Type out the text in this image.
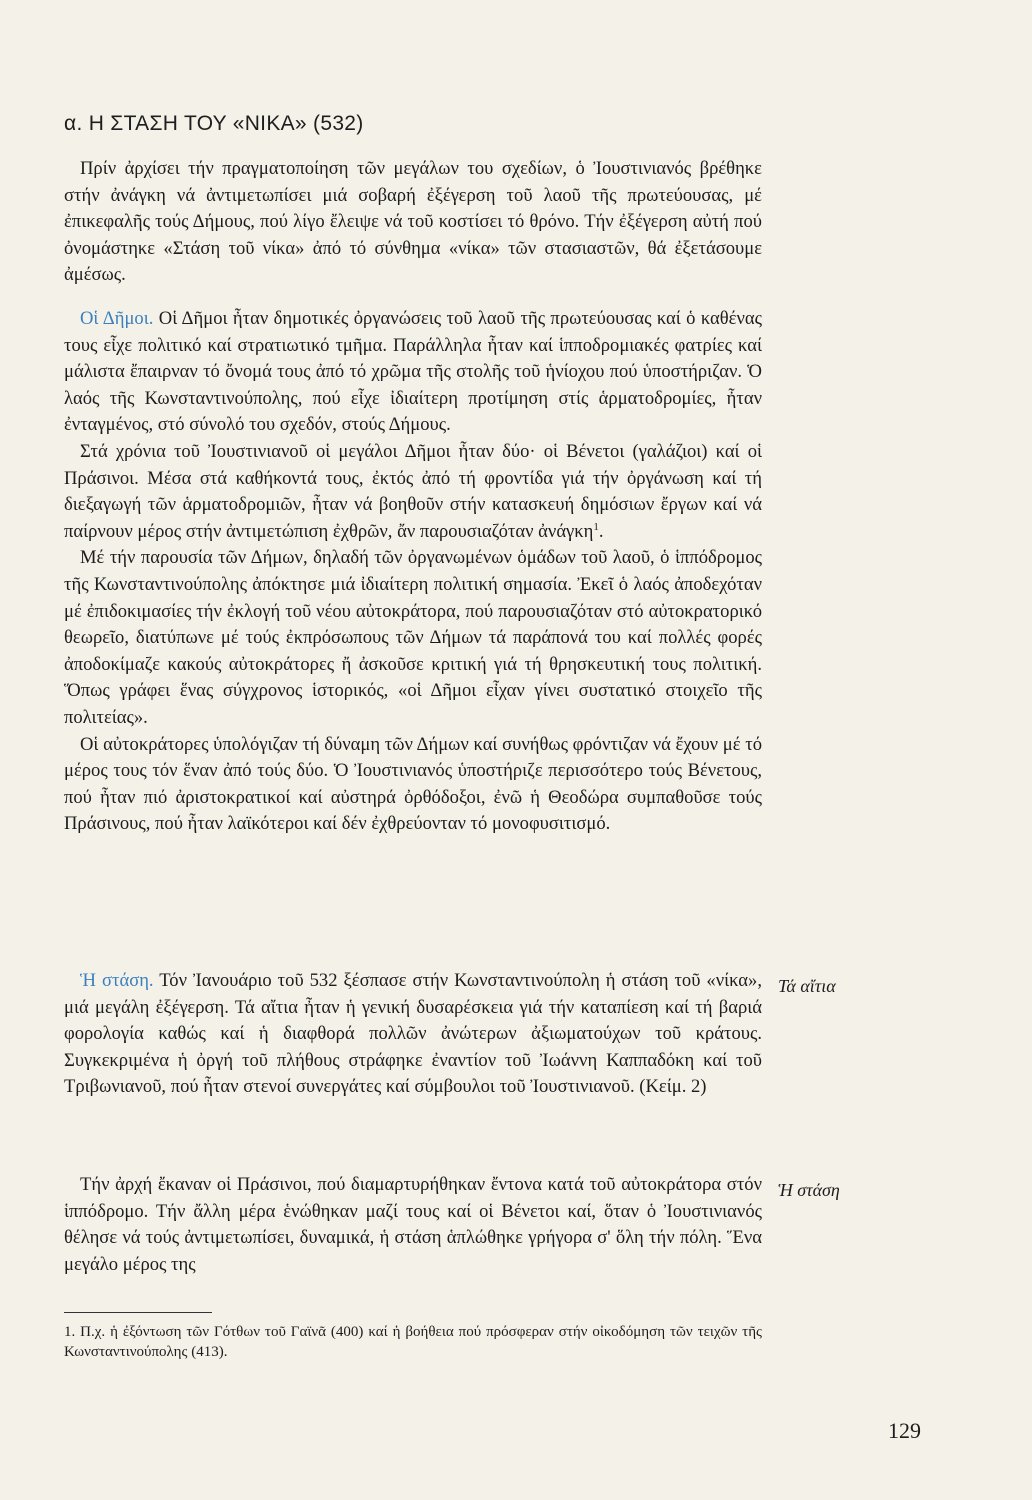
α. Η ΣΤΑΣΗ ΤΟΥ «ΝΙΚΑ» (532)

Πρίν ἀρχίσει τήν πραγματοποίηση τῶν μεγάλων του σχεδίων, ὁ Ἰουστινιανός βρέθηκε στήν ἀνάγκη νά ἀντιμετωπίσει μιά σοβαρή ἐξέγερση τοῦ λαοῦ τῆς πρωτεύουσας, μέ ἐπικεφαλῆς τούς Δήμους, πού λίγο ἔλειψε νά τοῦ κοστίσει τό θρόνο. Τήν ἐξέγερση αὐτή πού ὀνομάστηκε «Στάση τοῦ νίκα» ἀπό τό σύνθημα «νίκα» τῶν στασιαστῶν, θά ἐξετάσουμε ἀμέσως.

Οἱ Δῆμοι. Οἱ Δῆμοι ἦταν δημοτικές ὀργανώσεις τοῦ λαοῦ τῆς πρωτεύουσας καί ὁ καθένας τους εἶχε πολιτικό καί στρατιωτικό τμῆμα. Παράλληλα ἦταν καί ἱπποδρομιακές φατρίες καί μάλιστα ἔπαιρναν τό ὄνομά τους ἀπό τό χρῶμα τῆς στολῆς τοῦ ἡνίοχου πού ὑποστήριζαν. Ὁ λαός τῆς Κωνσταντινούπολης, πού εἶχε ἰδιαίτερη προτίμηση στίς ἁρματοδρομίες, ἦταν ἐνταγμένος, στό σύνολό του σχεδόν, στούς Δήμους.

Στά χρόνια τοῦ Ἰουστινιανοῦ οἱ μεγάλοι Δῆμοι ἦταν δύο· οἱ Βένετοι (γαλάζιοι) καί οἱ Πράσινοι. Μέσα στά καθήκοντά τους, ἐκτός ἀπό τή φροντίδα γιά τήν ὀργάνωση καί τή διεξαγωγή τῶν ἁρματοδρομιῶν, ἦταν νά βοηθοῦν στήν κατασκευή δημόσιων ἔργων καί νά παίρνουν μέρος στήν ἀντιμετώπιση ἐχθρῶν, ἄν παρουσιαζόταν ἀνάγκη$^1$.

Μέ τήν παρουσία τῶν Δήμων, δηλαδή τῶν ὀργανωμένων ὁμάδων τοῦ λαοῦ, ὁ ἱππόδρομος τῆς Κωνσταντινούπολης ἀπόκτησε μιά ἰδιαίτερη πολιτική σημασία. Ἐκεῖ ὁ λαός ἀποδεχόταν μέ ἐπιδοκιμασίες τήν ἐκλογή τοῦ νέου αὐτοκράτορα, πού παρουσιαζόταν στό αὐτοκρατορικό θεωρεῖο, διατύπωνε μέ τούς ἐκπρόσωπους τῶν Δήμων τά παράπονά του καί πολλές φορές ἀποδοκίμαζε κακούς αὐτοκράτορες ἤ ἀσκοῦσε κριτική γιά τή θρησκευτική τους πολιτική. Ὅπως γράφει ἕνας σύγχρονος ἱστορικός, «οἱ Δῆμοι εἶχαν γίνει συστατικό στοιχεῖο τῆς πολιτείας».

Οἱ αὐτοκράτορες ὑπολόγιζαν τή δύναμη τῶν Δήμων καί συνήθως φρόντιζαν νά ἔχουν μέ τό μέρος τους τόν ἕναν ἀπό τούς δύο. Ὁ Ἰουστινιανός ὑποστήριζε περισσότερο τούς Βένετους, πού ἦταν πιό ἀριστοκρατικοί καί αὐστηρά ὀρθόδοξοι, ἐνῶ ἡ Θεοδώρα συμπαθοῦσε τούς Πράσινους, πού ἦταν λαϊκότεροι καί δέν ἐχθρεύονταν τό μονοφυσιτισμό.

Ἡ στάση. Τόν Ἰανουάριο τοῦ 532 ξέσπασε στήν Κωνσταντινούπολη ἡ στάση τοῦ «νίκα», μιά μεγάλη ἐξέγερση. Τά αἴτια ἦταν ἡ γενική δυσαρέσκεια γιά τήν καταπίεση καί τή βαριά φορολογία καθώς καί ἡ διαφθορά πολλῶν ἀνώτερων ἀξιωματούχων τοῦ κράτους. Συγκεκριμένα ἡ ὀργή τοῦ πλήθους στράφηκε ἐναντίον τοῦ Ἰωάννη Καππαδόκη καί τοῦ Τριβωνιανοῦ, πού ἦταν στενοί συνεργάτες καί σύμβουλοι τοῦ Ἰουστινιανοῦ. (Κείμ. 2)

Τήν ἀρχή ἔκαναν οἱ Πράσινοι, πού διαμαρτυρήθηκαν ἔντονα κατά τοῦ αὐτοκράτορα στόν ἱππόδρομο. Τήν ἄλλη μέρα ἑνώθηκαν μαζί τους καί οἱ Βένετοι καί, ὅταν ὁ Ἰουστινιανός θέλησε νά τούς ἀντιμετωπίσει, δυναμικά, ἡ στάση ἁπλώθηκε γρήγορα σ' ὅλη τήν πόλη. Ἕνα μεγάλο μέρος της

Τά αἴτια
Ἡ στάση
1. Π.χ. ἡ ἐξόντωση τῶν Γότθων τοῦ Γαϊνᾶ (400) καί ἡ βοήθεια πού πρόσφεραν στήν οἰκοδόμηση τῶν τειχῶν τῆς Κωνσταντινούπολης (413).
129
